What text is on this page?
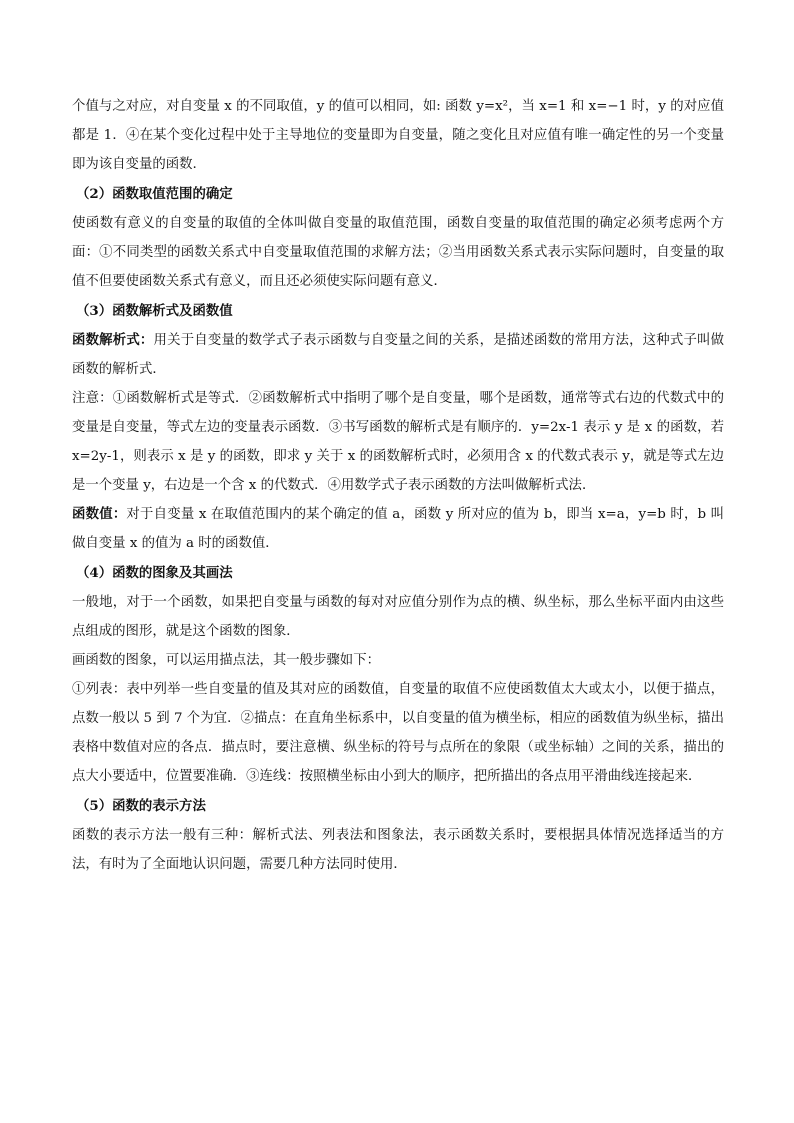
个值与之对应，对自变量 x 的不同取值，y 的值可以相同，如: 函数 y=x²，当 x=1 和 x=−1 时，y 的对应值都是 1．④在某个变化过程中处于主导地位的变量即为自变量，随之变化且对应值有唯一确定性的另一个变量即为该自变量的函数.

（2）函数取值范围的确定

使函数有意义的自变量的取值的全体叫做自变量的取值范围，函数自变量的取值范围的确定必须考虑两个方面：①不同类型的函数关系式中自变量取值范围的求解方法；②当用函数关系式表示实际问题时，自变量的取值不但要使函数关系式有意义，而且还必须使实际问题有意义．

（3）函数解析式及函数值

函数解析式：用关于自变量的数学式子表示函数与自变量之间的关系，是描述函数的常用方法，这种式子叫做函数的解析式．

注意：①函数解析式是等式．②函数解析式中指明了哪个是自变量，哪个是函数，通常等式右边的代数式中的变量是自变量，等式左边的变量表示函数．③书写函数的解析式是有顺序的．y=2x-1 表示 y 是 x 的函数，若 x=2y-1，则表示 x 是 y 的函数，即求 y 关于 x 的函数解析式时，必须用含 x 的代数式表示 y，就是等式左边是一个变量 y，右边是一个含 x 的代数式．④用数学式子表示函数的方法叫做解析式法．

函数值：对于自变量 x 在取值范围内的某个确定的值 a，函数 y 所对应的值为 b，即当 x=a，y=b 时，b 叫做自变量 x 的值为 a 时的函数值．

（4）函数的图象及其画法

一般地，对于一个函数，如果把自变量与函数的每对对应值分别作为点的横、纵坐标，那么坐标平面内由这些点组成的图形，就是这个函数的图象．

画函数的图象，可以运用描点法，其一般步骤如下：

①列表：表中列举一些自变量的值及其对应的函数值，自变量的取值不应使函数值太大或太小，以便于描点，点数一般以 5 到 7 个为宜．②描点：在直角坐标系中，以自变量的值为横坐标，相应的函数值为纵坐标，描出表格中数值对应的各点．描点时，要注意横、纵坐标的符号与点所在的象限（或坐标轴）之间的关系，描出的点大小要适中，位置要准确．③连线：按照横坐标由小到大的顺序，把所描出的各点用平滑曲线连接起来．

（5）函数的表示方法

函数的表示方法一般有三种：解析式法、列表法和图象法，表示函数关系时，要根据具体情况选择适当的方法，有时为了全面地认识问题，需要几种方法同时使用．
